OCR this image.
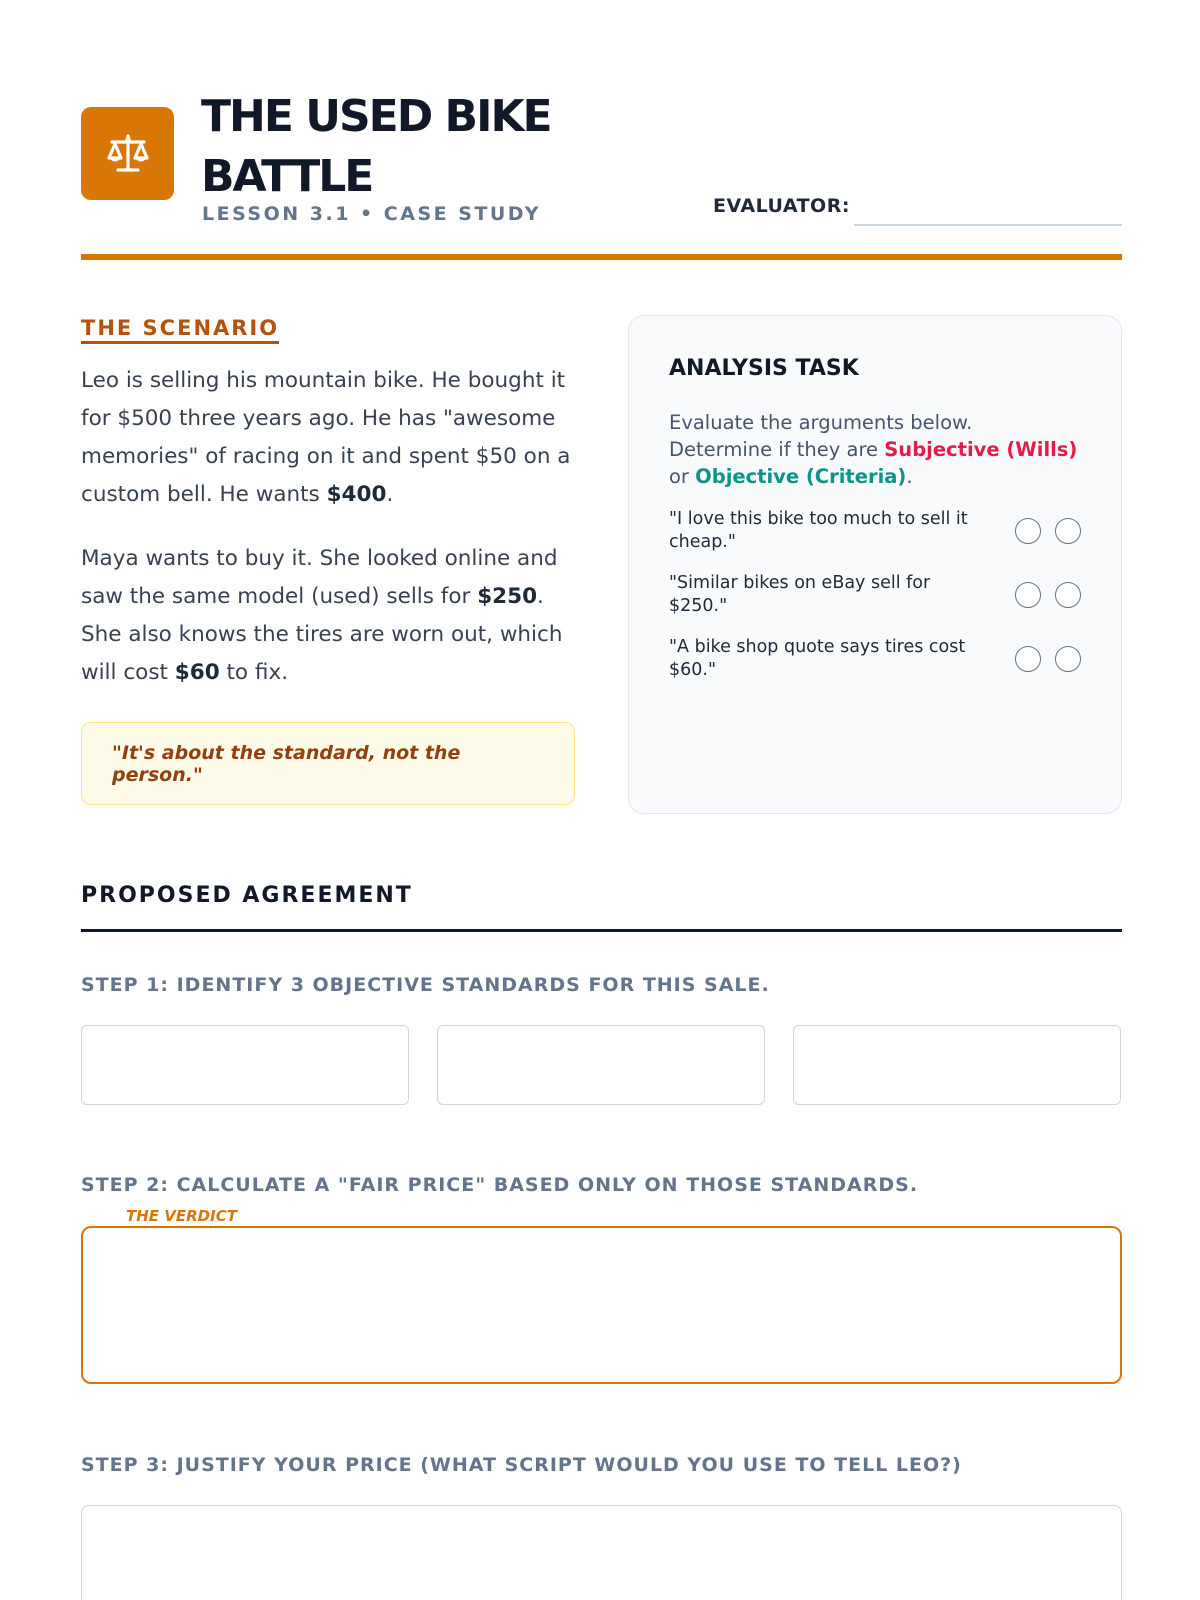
THE USED BIKE BATTLE
LESSON 3.1 • CASE STUDY	EVALUATOR:
THE SCENARIO

Leo is selling his mountain bike. He bought it for $500 three years ago. He has "awesome memories" of racing on it and spent $50 on a custom bell. He wants $400.

Maya wants to buy it. She looked online and saw the same model (used) sells for $250. She also knows the tires are worn out, which will cost $60 to fix.

"It's about the standard, not the person."
ANALYSIS TASK

Evaluate the arguments below. Determine if they are Subjective (Wills) or Objective (Criteria).

"I love this bike too much to sell it cheap."
"Similar bikes on eBay sell for $250."
"A bike shop quote says tires cost $60."
PROPOSED AGREEMENT
STEP 1: IDENTIFY 3 OBJECTIVE STANDARDS FOR THIS SALE.
STEP 2: CALCULATE A "FAIR PRICE" BASED ONLY ON THOSE STANDARDS.
THE VERDICT
STEP 3: JUSTIFY YOUR PRICE (WHAT SCRIPT WOULD YOU USE TO TELL LEO?)
